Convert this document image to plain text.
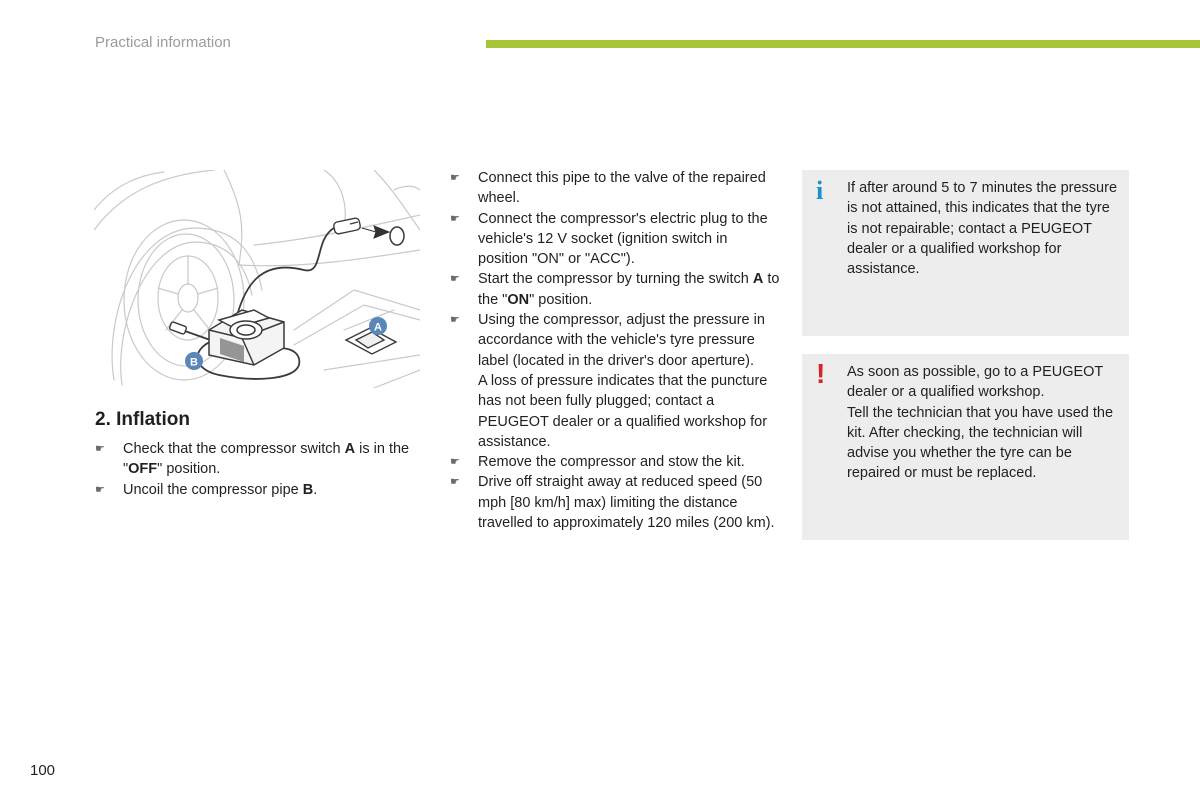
Practical information
A
B
2. Inflation
☛ Check that the compressor switch A is in the "OFF" position.
☛ Uncoil the compressor pipe B.
☛ Connect this pipe to the valve of the repaired wheel.
☛ Connect the compressor's electric plug to the vehicle's 12 V socket (ignition switch in position "ON" or "ACC").
☛ Start the compressor by turning the switch A to the "ON" position.
☛ Using the compressor, adjust the pressure in accordance with the vehicle's tyre pressure label (located in the driver's door aperture).
A loss of pressure indicates that the puncture has not been fully plugged; contact a PEUGEOT dealer or a qualified workshop for assistance.
☛ Remove the compressor and stow the kit.
☛ Drive off straight away at reduced speed (50 mph [80 km/h] max) limiting the distance travelled to approximately 120 miles (200 km).
i If after around 5 to 7 minutes the pressure is not attained, this indicates that the tyre is not repairable; contact a PEUGEOT dealer or a qualified workshop for assistance.
! As soon as possible, go to a PEUGEOT dealer or a qualified workshop.
Tell the technician that you have used the kit. After checking, the technician will advise you whether the tyre can be repaired or must be replaced.
100
